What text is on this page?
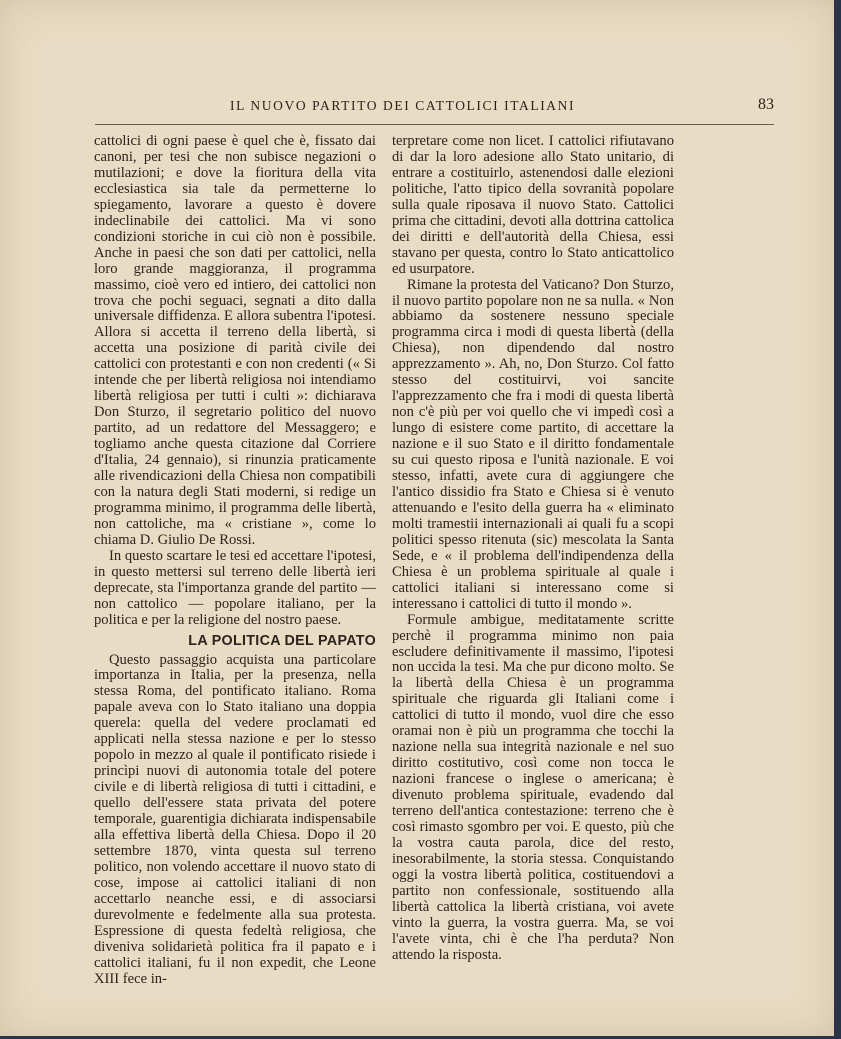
IL NUOVO PARTITO DEI CATTOLICI ITALIANI	83

cattolici di ogni paese è quel che è, fissato dai canoni, per tesi che non subisce negazioni o mutilazioni; e dove la fioritura della vita ecclesiastica sia tale da permetterne lo spiegamento, lavorare a questo è dovere indeclinabile dei cattolici. Ma vi sono condizioni storiche in cui ciò non è possibile. Anche in paesi che son dati per cattolici, nella loro grande maggioranza, il programma massimo, cioè vero ed intiero, dei cattolici non trova che pochi seguaci, segnati a dito dalla universale diffidenza. E allora subentra l'ipotesi. Allora si accetta il terreno della libertà, si accetta una posizione di parità civile dei cattolici con protestanti e con non credenti (« Si intende che per libertà religiosa noi intendiamo libertà religiosa per tutti i culti »: dichiarava Don Sturzo, il segretario politico del nuovo partito, ad un redattore del Messaggero; e togliamo anche questa citazione dal Corriere d'Italia, 24 gennaio), si rinunzia praticamente alle rivendicazioni della Chiesa non compatibili con la natura degli Stati moderni, si redige un programma minimo, il programma delle libertà, non cattoliche, ma « cristiane », come lo chiama D. Giulio De Rossi.

In questo scartare le tesi ed accettare l'ipotesi, in questo mettersi sul terreno delle libertà ieri deprecate, sta l'importanza grande del partito — non cattolico — popolare italiano, per la politica e per la religione del nostro paese.

LA POLITICA DEL PAPATO

Questo passaggio acquista una particolare importanza in Italia, per la presenza, nella stessa Roma, del pontificato italiano. Roma papale aveva con lo Stato italiano una doppia querela: quella del vedere proclamati ed applicati nella stessa nazione e per lo stesso popolo in mezzo al quale il pontificato risiede i princìpi nuovi di autonomia totale del potere civile e di libertà religiosa di tutti i cittadini, e quello dell'essere stata privata del potere temporale, guarentigia dichiarata indispensabile alla effettiva libertà della Chiesa. Dopo il 20 settembre 1870, vinta questa sul terreno politico, non volendo accettare il nuovo stato di cose, impose ai cattolici italiani di non accettarlo neanche essi, e di associarsi durevolmente e fedelmente alla sua protesta. Espressione di questa fedeltà religiosa, che diveniva solidarietà politica fra il papato e i cattolici italiani, fu il non expedit, che Leone XIII fece in-

terpretare come non licet. I cattolici rifiutavano di dar la loro adesione allo Stato unitario, di entrare a costituirlo, astenendosi dalle elezioni politiche, l'atto tipico della sovranità popolare sulla quale riposava il nuovo Stato. Cattolici prima che cittadini, devoti alla dottrina cattolica dei diritti e dell'autorità della Chiesa, essi stavano per questa, contro lo Stato anticattolico ed usurpatore.

Rimane la protesta del Vaticano? Don Sturzo, il nuovo partito popolare non ne sa nulla. « Non abbiamo da sostenere nessuno speciale programma circa i modi di questa libertà (della Chiesa), non dipendendo dal nostro apprezzamento ». Ah, no, Don Sturzo. Col fatto stesso del costituirvi, voi sancite l'apprezzamento che fra i modi di questa libertà non c'è più per voi quello che vi impedì così a lungo di esistere come partito, di accettare la nazione e il suo Stato e il diritto fondamentale su cui questo riposa e l'unità nazionale. E voi stesso, infatti, avete cura di aggiungere che l'antico dissidio fra Stato e Chiesa si è venuto attenuando e l'esito della guerra ha « eliminato molti tramestii internazionali ai quali fu a scopi politici spesso ritenuta (sic) mescolata la Santa Sede, e « il problema dell'indipendenza della Chiesa è un problema spirituale al quale i cattolici italiani si interessano come si interessano i cattolici di tutto il mondo ».

Formule ambigue, meditatamente scritte perchè il programma minimo non paia escludere definitivamente il massimo, l'ipotesi non uccida la tesi. Ma che pur dicono molto. Se la libertà della Chiesa è un programma spirituale che riguarda gli Italiani come i cattolici di tutto il mondo, vuol dire che esso oramai non è più un programma che tocchi la nazione nella sua integrità nazionale e nel suo diritto costitutivo, così come non tocca le nazioni francese o inglese o americana; è divenuto problema spirituale, evadendo dal terreno dell'antica contestazione: terreno che è così rimasto sgombro per voi. E questo, più che la vostra cauta parola, dice del resto, inesorabilmente, la storia stessa. Conquistando oggi la vostra libertà politica, costituendovi a partito non confessionale, sostituendo alla libertà cattolica la libertà cristiana, voi avete vinto la guerra, la vostra guerra. Ma, se voi l'avete vinta, chi è che l'ha perduta? Non attendo la risposta.
